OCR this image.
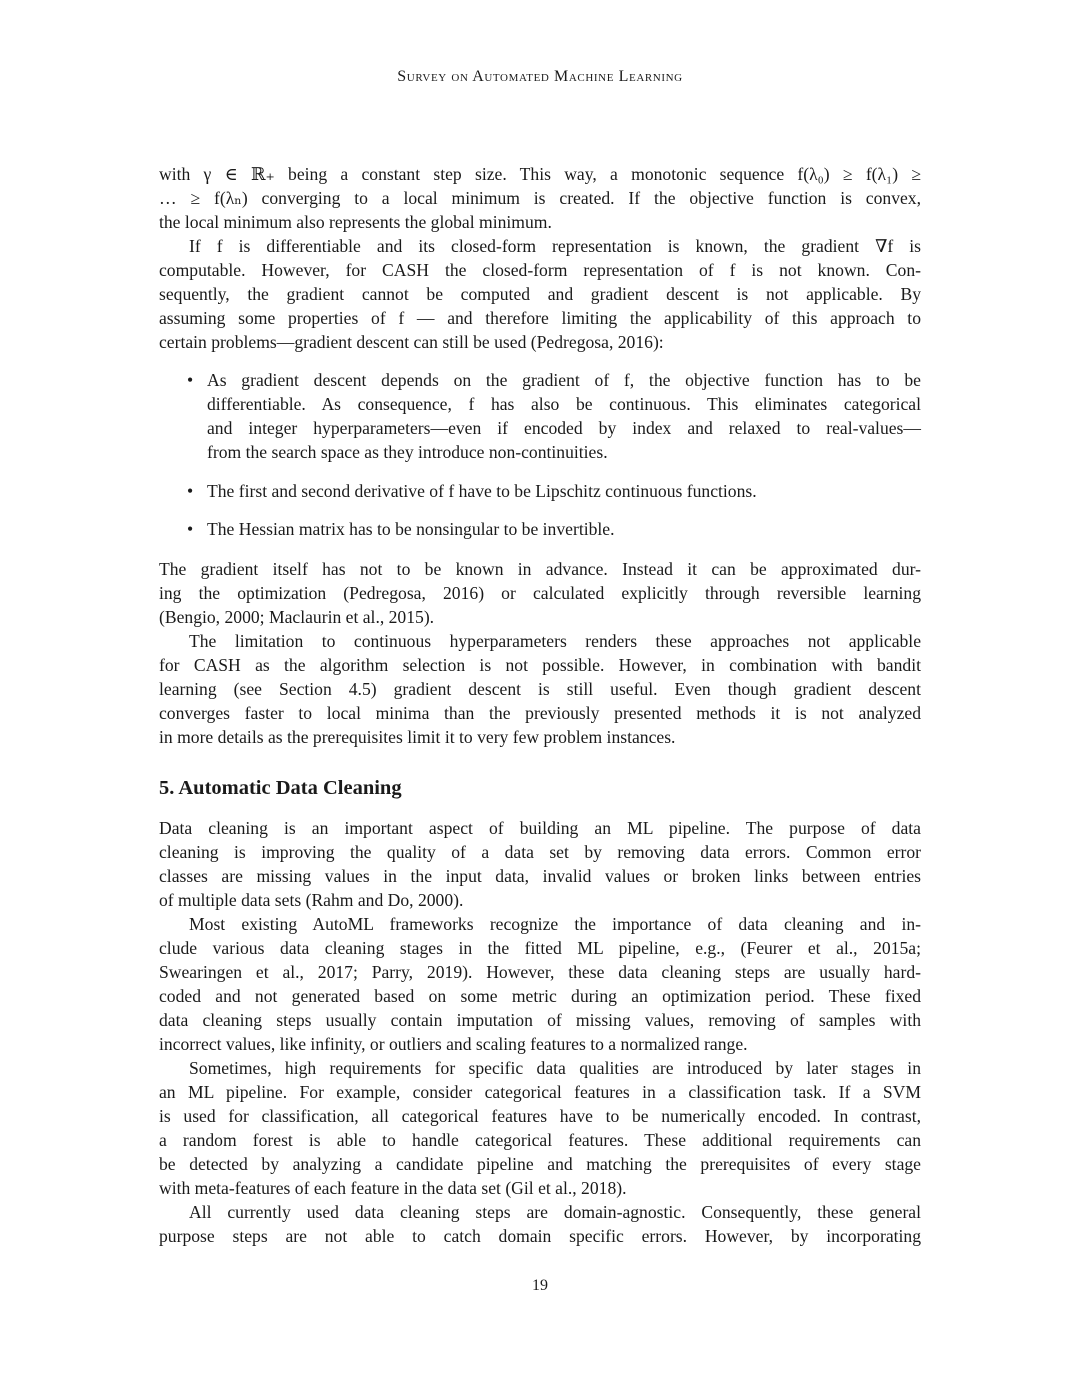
Survey on Automated Machine Learning
with γ ∈ ℝ₊ being a constant step size. This way, a monotonic sequence f(λ₀) ≥ f(λ₁) ≥
… ≥ f(λₙ) converging to a local minimum is created. If the objective function is convex,
the local minimum also represents the global minimum.
If f is differentiable and its closed-form representation is known, the gradient ∇f is
computable. However, for CASH the closed-form representation of f is not known. Con-
sequently, the gradient cannot be computed and gradient descent is not applicable. By
assuming some properties of f — and therefore limiting the applicability of this approach to
certain problems—gradient descent can still be used (Pedregosa, 2016):
• As gradient descent depends on the gradient of f, the objective function has to be
differentiable. As consequence, f has also be continuous. This eliminates categorical
and integer hyperparameters—even if encoded by index and relaxed to real-values—
from the search space as they introduce non-continuities.
• The first and second derivative of f have to be Lipschitz continuous functions.
• The Hessian matrix has to be nonsingular to be invertible.
The gradient itself has not to be known in advance. Instead it can be approximated dur-
ing the optimization (Pedregosa, 2016) or calculated explicitly through reversible learning
(Bengio, 2000; Maclaurin et al., 2015).
The limitation to continuous hyperparameters renders these approaches not applicable
for CASH as the algorithm selection is not possible. However, in combination with bandit
learning (see Section 4.5) gradient descent is still useful. Even though gradient descent
converges faster to local minima than the previously presented methods it is not analyzed
in more details as the prerequisites limit it to very few problem instances.
5. Automatic Data Cleaning
Data cleaning is an important aspect of building an ML pipeline. The purpose of data
cleaning is improving the quality of a data set by removing data errors. Common error
classes are missing values in the input data, invalid values or broken links between entries
of multiple data sets (Rahm and Do, 2000).
Most existing AutoML frameworks recognize the importance of data cleaning and in-
clude various data cleaning stages in the fitted ML pipeline, e.g., (Feurer et al., 2015a;
Swearingen et al., 2017; Parry, 2019). However, these data cleaning steps are usually hard-
coded and not generated based on some metric during an optimization period. These fixed
data cleaning steps usually contain imputation of missing values, removing of samples with
incorrect values, like infinity, or outliers and scaling features to a normalized range.
Sometimes, high requirements for specific data qualities are introduced by later stages in
an ML pipeline. For example, consider categorical features in a classification task. If a SVM
is used for classification, all categorical features have to be numerically encoded. In contrast,
a random forest is able to handle categorical features. These additional requirements can
be detected by analyzing a candidate pipeline and matching the prerequisites of every stage
with meta-features of each feature in the data set (Gil et al., 2018).
All currently used data cleaning steps are domain-agnostic. Consequently, these general
purpose steps are not able to catch domain specific errors. However, by incorporating
19
